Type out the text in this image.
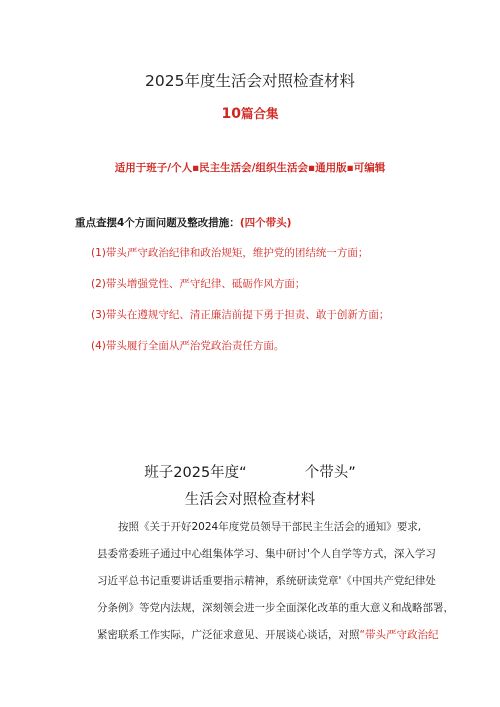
2025年度生活会对照检查材料
10篇合集
适用于班子/个人▪民主生活会/组织生活会▪通用版▪可编辑
重点查摆4个方面问题及整改措施：(四个带头)
(1)带头严守政治纪律和政治规矩，维护党的团结统一方面；
(2)带头增强党性、严守纪律、砥砺作风方面；
(3)带头在遵规守纪、清正廉洁前提下勇于担责、敢于创新方面；
(4)带头履行全面从严治党政治责任方面。
班子2025年度“	个带头”
生活会对照检查材料
按照《关于开好2024年度党员领导干部民主生活会的通知》要求,
县委常委班子通过中心组集体学习、集中研讨'个人自学等方式，深入学习
习近平总书记重要讲话重要指示精神，系统研读党章'《中国共产党纪律处
分条例》等党内法规，深刻领会进一步全面深化改革的重大意义和战略部署，
紧密联系工作实际，广泛征求意见、开展谈心谈话，对照“带头严守政治纪
